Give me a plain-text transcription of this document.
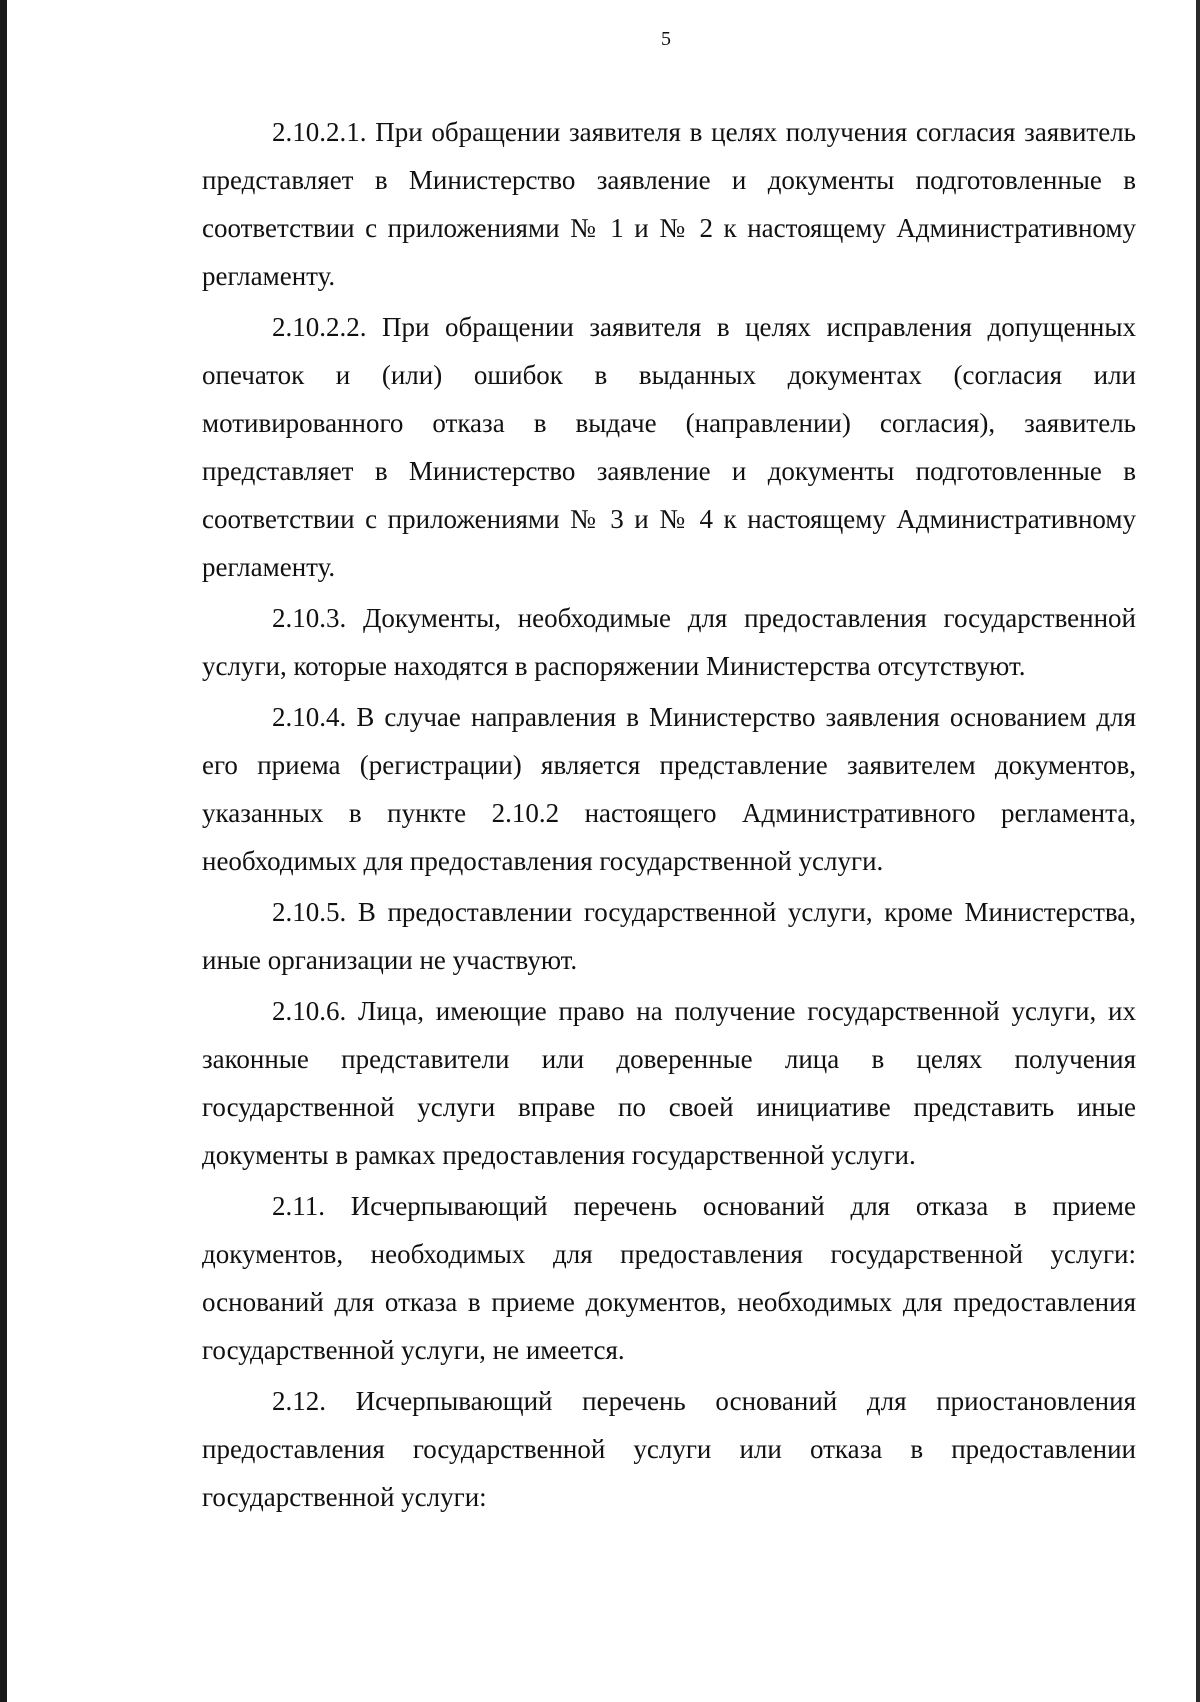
5

2.10.2.1. При обращении заявителя в целях получения согласия заявитель представляет в Министерство заявление и документы подготовленные в соответствии с приложениями № 1 и № 2 к настоящему Административному регламенту.

2.10.2.2. При обращении заявителя в целях исправления допущенных опечаток и (или) ошибок в выданных документах (согласия или мотивированного отказа в выдаче (направлении) согласия), заявитель представляет в Министерство заявление и документы подготовленные в соответствии с приложениями № 3 и № 4 к настоящему Административному регламенту.

2.10.3. Документы, необходимые для предоставления государственной услуги, которые находятся в распоряжении Министерства отсутствуют.

2.10.4. В случае направления в Министерство заявления основанием для его приема (регистрации) является представление заявителем документов, указанных в пункте 2.10.2 настоящего Административного регламента, необходимых для предоставления государственной услуги.

2.10.5. В предоставлении государственной услуги, кроме Министерства, иные организации не участвуют.

2.10.6. Лица, имеющие право на получение государственной услуги, их законные представители или доверенные лица в целях получения государственной услуги вправе по своей инициативе представить иные документы в рамках предоставления государственной услуги.

2.11. Исчерпывающий перечень оснований для отказа в приеме документов, необходимых для предоставления государственной услуги: оснований для отказа в приеме документов, необходимых для предоставления государственной услуги, не имеется.

2.12. Исчерпывающий перечень оснований для приостановления предоставления государственной услуги или отказа в предоставлении государственной услуги:
